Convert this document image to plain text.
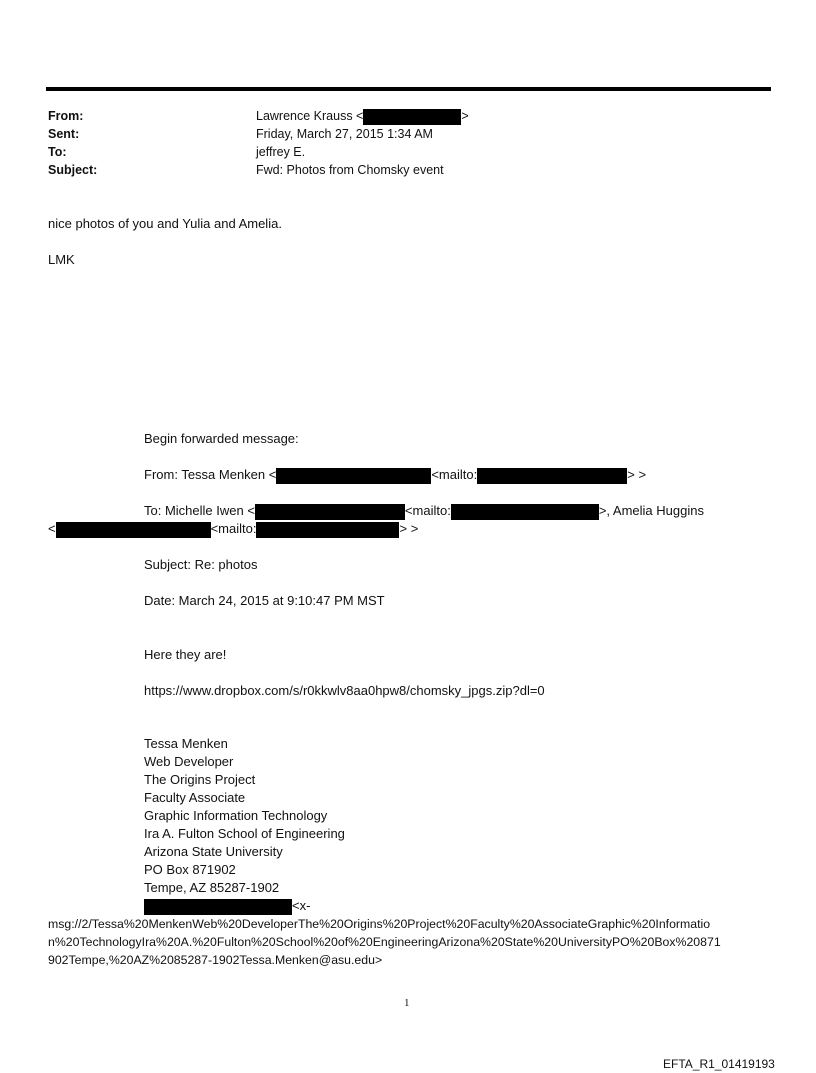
From:	Lawrence Krauss <	>
Sent:	Friday, March 27, 2015 1:34 AM
To:	jeffrey E.
Subject:	Fwd: Photos from Chomsky event
nice photos of you and Yulia and Amelia.
LMK
Begin forwarded message:
From: Tessa Menken <	<mailto:	> >
To: Michelle Iwen <	<mailto:	>, Amelia Huggins
<	<mailto:	> >
Subject: Re: photos
Date: March 24, 2015 at 9:10:47 PM MST
Here they are!
https://www.dropbox.com/s/r0kkwlv8aa0hpw8/chomsky_jpgs.zip?dl=0
Tessa Menken
Web Developer
The Origins Project
Faculty Associate
Graphic Information Technology
Ira A. Fulton School of Engineering
Arizona State University
PO Box 871902
Tempe, AZ 85287-1902
<x-
msg://2/Tessa%20MenkenWeb%20DeveloperThe%20Origins%20Project%20Faculty%20AssociateGraphic%20Informatio
n%20TechnologyIra%20A.%20Fulton%20School%20of%20EngineeringArizona%20State%20UniversityPO%20Box%20871
902Tempe,%20AZ%2085287-1902Tessa.Menken@asu.edu>
1
EFTA_R1_01419193
